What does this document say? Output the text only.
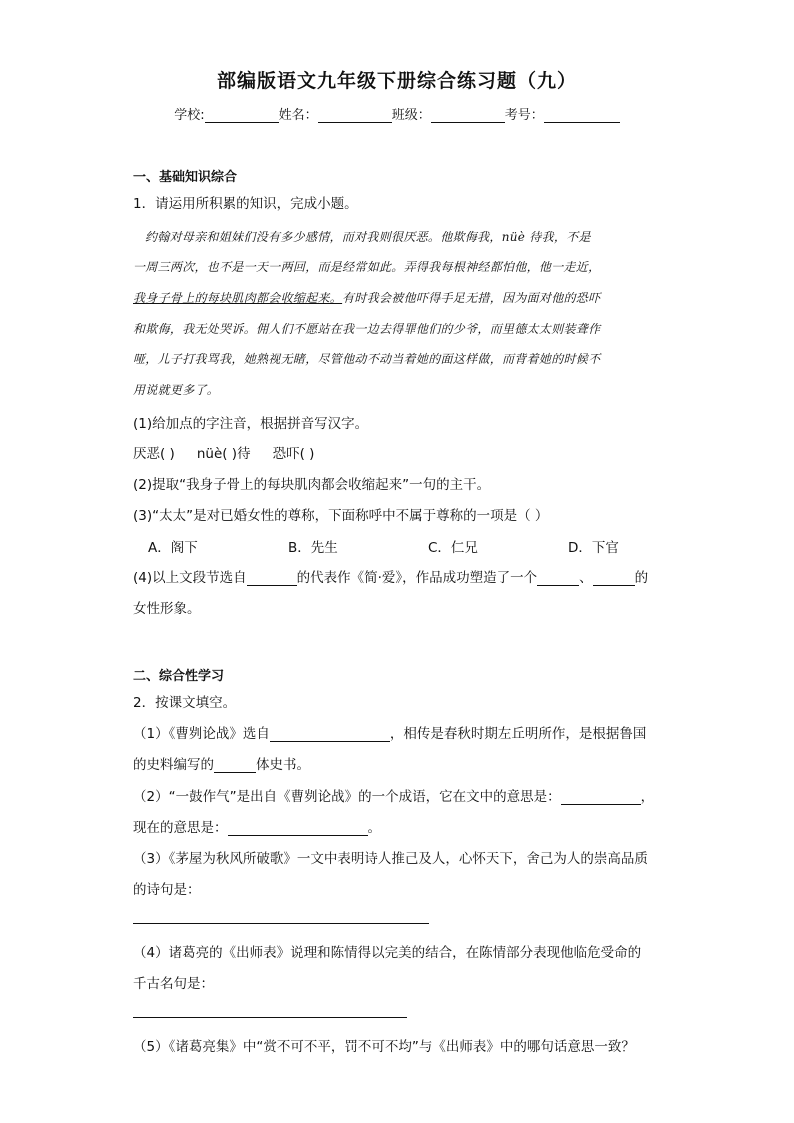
部编版语文九年级下册综合练习题（九）
学校:	姓名：	班级：	考号：
一、基础知识综合
1．请运用所积累的知识，完成小题。
约翰对母亲和姐妹们没有多少感情，而对我则很厌恶。他欺侮我，nüè 待我，不是
一周三两次，也不是一天一两回，而是经常如此。弄得我每根神经都怕他，他一走近，
我身子骨上的每块肌肉都会收缩起来。有时我会被他吓得手足无措，因为面对他的恐吓
和欺侮，我无处哭诉。佣人们不愿站在我一边去得罪他们的少爷，而里德太太则装聋作
哑，儿子打我骂我，她熟视无睹，尽管他动不动当着她的面这样做，而背着她的时候不
用说就更多了。
(1)给加点的字注音，根据拼音写汉字。
厌恶( ) nüè( )待 恐吓( )
(2)提取“我身子骨上的每块肌肉都会收缩起来”一句的主干。
(3)“太太”是对已婚女性的尊称，下面称呼中不属于尊称的一项是（ ）
A．阁下	B．先生	C．仁兄	D．下官
(4)以上文段节选自	的代表作《简·爱》，作品成功塑造了一个	、	的
女性形象。
二、综合性学习
2．按课文填空。
（1）《曹刿论战》选自	，相传是春秋时期左丘明所作，是根据鲁国
的史料编写的	体史书。
（2）“一鼓作气”是出自《曹刿论战》的一个成语，它在文中的意思是：	，
现在的意思是：	。
（3）《茅屋为秋风所破歌》一文中表明诗人推己及人，心怀天下，舍己为人的崇高品质
的诗句是：
（4）诸葛亮的《出师表》说理和陈情得以完美的结合，在陈情部分表现他临危受命的
千古名句是：
（5）《诸葛亮集》中“赏不可不平，罚不可不均”与《出师表》中的哪句话意思一致？
